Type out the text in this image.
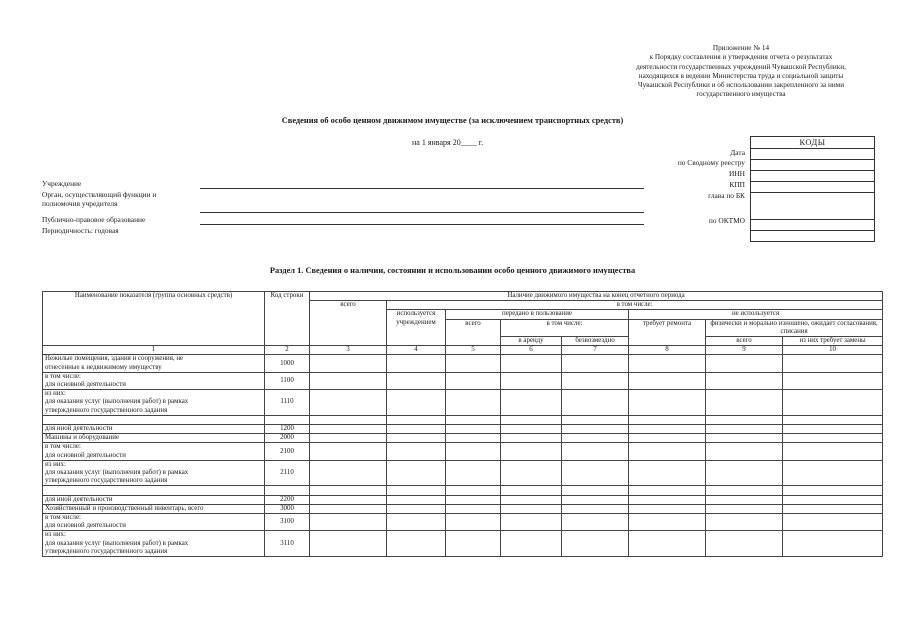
Приложение № 14
к Порядку составления и утверждения отчета о результатах
деятельности государственных учреждений Чувашской Республики,
находящихся в ведении Министерства труда и социальной защиты
Чувашской Республики и об использовании закрепленного за ними
государственного имущества
Сведения об особо ценном движимом имуществе (за исключением транспортных средств)
на 1 января 20____ г.	КОДЫ
Дата
по Сводному реестру
ИНН
КПП
глава по БК
по ОКТМО
Учреждение
Орган, осуществляющий функции и
полномочия учредителя
Публично-правовое образование
Периодичность: годовая
Раздел 1. Сведения о наличии, состоянии и использовании особо ценного движимого имущества
Наименование показателя (группа основных средств)	Код строки	Наличие движимого имущества на конец отчетного периода							
		всего	в том числе:						
			используется учреждением	передано в пользование			не используется		
				всего	в том числе:		требует ремонта	физически и морально изношено, ожидает согласования, списания	
					в аренду	безвозмездно		всего	из них требует замены
1	2	3	4	5	6	7	8	9	10

Нежилые помещения, здания и сооружения, не
отнесенные к недвижимому имуществу	1000								

в том числе:
для основной деятельности	1100								

из них:
для оказания услуг (выполнения работ) в рамках
утвержденного государственного задания	1110								

для иной деятельности	1200								

Машины и оборудование	2000								

в том числе:
для основной деятельности	2100								

из них:
для оказания услуг (выполнения работ) в рамках
утвержденного государственного задания	2110								

для иной деятельности	2200								

Хозяйственный и производственный инвентарь, всего	3000								

в том числе:
для основной деятельности	3100								

из них:
для оказания услуг (выполнения работ) в рамках
утвержденного государственного задания	3110								
